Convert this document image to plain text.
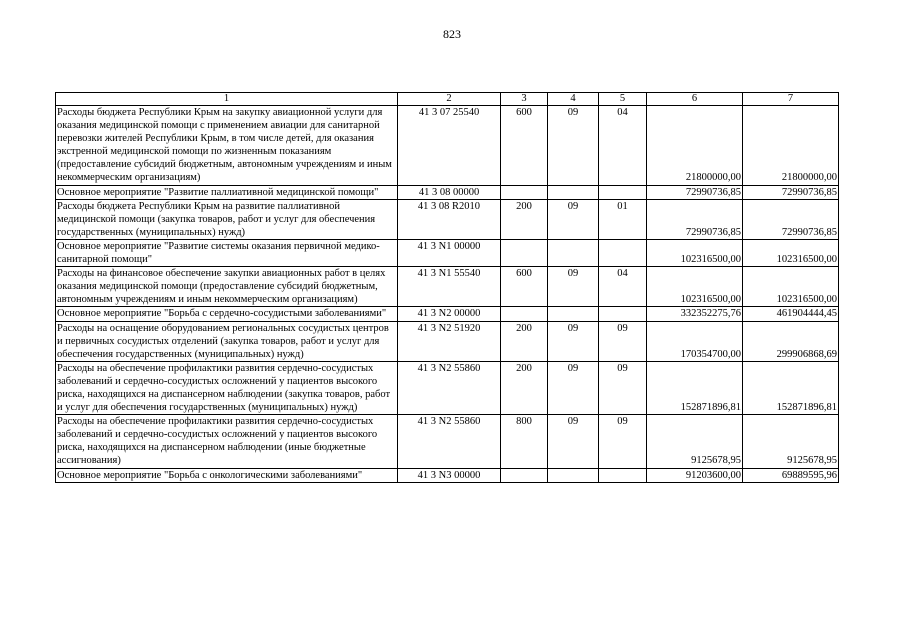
823
1	2	3	4	5	6	7
Расходы бюджета Республики Крым на закупку авиационной услуги для оказания медицинской помощи с применением авиации для санитарной перевозки жителей Республики Крым, в том числе детей, для оказания экстренной медицинской помощи по жизненным показаниям (предоставление субсидий бюджетным, автономным учреждениям и иным некоммерческим организациям)	41 3 07 25540	600	09	04	21800000,00	21800000,00
Основное мероприятие "Развитие паллиативной медицинской помощи"	41 3 08 00000				72990736,85	72990736,85
Расходы бюджета Республики Крым на развитие паллиативной медицинской помощи (закупка товаров, работ и услуг для обеспечения государственных (муниципальных) нужд)	41 3 08 R2010	200	09	01	72990736,85	72990736,85
Основное мероприятие "Развитие системы оказания первичной медико-санитарной помощи"	41 3 N1 00000				102316500,00	102316500,00
Расходы на финансовое обеспечение закупки авиационных работ в целях оказания медицинской помощи (предоставление субсидий бюджетным, автономным учреждениям и иным некоммерческим организациям)	41 3 N1 55540	600	09	04	102316500,00	102316500,00
Основное мероприятие "Борьба с сердечно-сосудистыми заболеваниями"	41 3 N2 00000				332352275,76	461904444,45
Расходы на оснащение оборудованием региональных сосудистых центров и первичных сосудистых отделений (закупка товаров, работ и услуг для обеспечения государственных (муниципальных) нужд)	41 3 N2 51920	200	09	09	170354700,00	299906868,69
Расходы на обеспечение профилактики развития сердечно-сосудистых заболеваний и сердечно-сосудистых осложнений у пациентов высокого риска, находящихся на диспансерном наблюдении (закупка товаров, работ и услуг для обеспечения государственных (муниципальных) нужд)	41 3 N2 55860	200	09	09	152871896,81	152871896,81
Расходы на обеспечение профилактики развития сердечно-сосудистых заболеваний и сердечно-сосудистых осложнений у пациентов высокого риска, находящихся на диспансерном наблюдении (иные бюджетные ассигнования)	41 3 N2 55860	800	09	09	9125678,95	9125678,95
Основное мероприятие "Борьба с онкологическими заболеваниями"	41 3 N3 00000				91203600,00	69889595,96
